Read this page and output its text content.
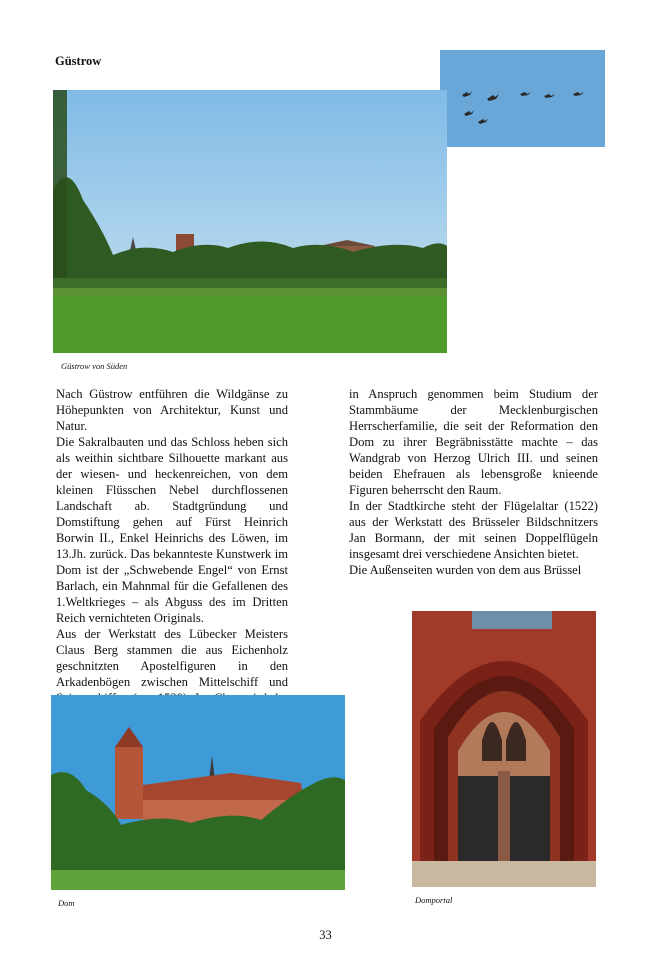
Güstrow
Güstrow von Süden

Nach Güstrow entführen die Wildgänse zu Höhepunkten von Architektur, Kunst und Natur.

Die Sakralbauten und das Schloss heben sich als weithin sichtbare Silhouette markant aus der wiesen- und heckenreichen, von dem kleinen Flüsschen Nebel durchflossenen Landschaft ab. Stadtgründung und Domstiftung gehen auf Fürst Heinrich Borwin II., Enkel Heinrichs des Löwen, im 13.Jh. zurück. Das bekannteste Kunstwerk im Dom ist der „Schwebende Engel“ von Ernst Barlach, ein Mahnmal für die Gefallenen des 1.Weltkrieges – als Abguss des im Dritten Reich vernichteten Originals.

Aus der Werkstatt des Lübecker Meisters Claus Berg stammen die aus Eichenholz geschnitzten Apostelfiguren in den Arkadenbögen zwischen Mittelschiff und

in Anspruch genommen beim Studium der Stammbäume der Mecklenburgischen Herrscherfamilie, die seit der Reformation den Dom zu ihrer Begräbnisstätte machte – das Wandgrab von Herzog Ulrich III. und seinen beiden Ehefrauen als lebensgroße knieende Figuren beherrscht den Raum.

In der Stadtkirche steht der Flügelaltar (1522) aus der Werkstatt des Brüsseler Bildschnitzers Jan Bormann, der mit seinen Doppelflügeln insgesamt drei verschiedene Ansichten bietet.

Die Außenseiten wurden von dem aus Brüssel

Dom	Domportal
33
